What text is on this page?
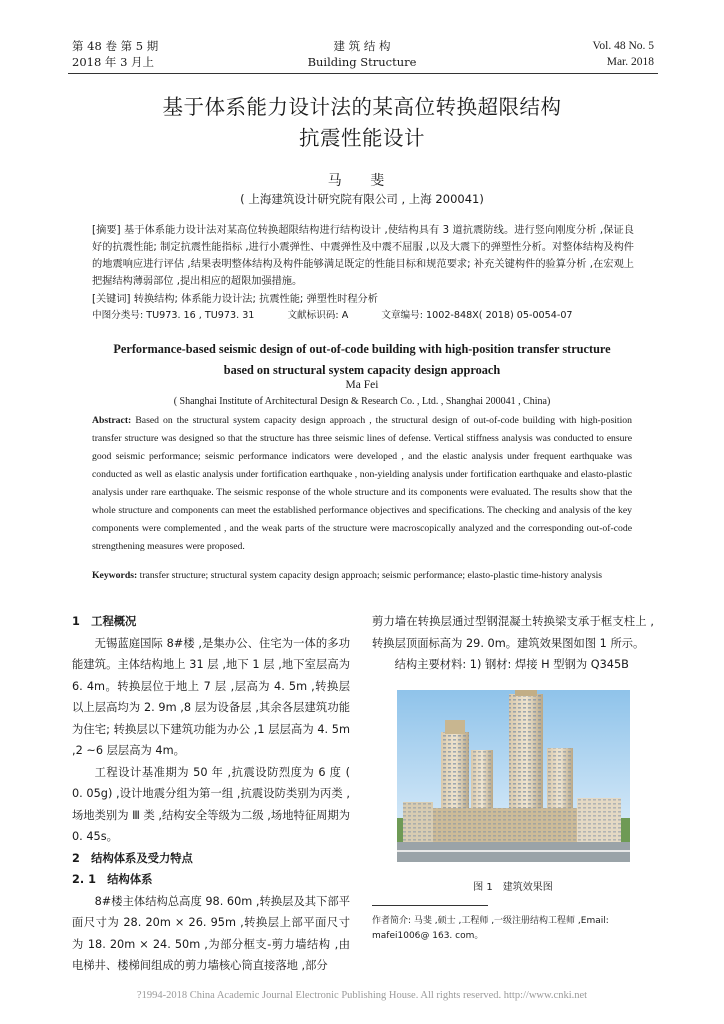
第 48 卷 第 5 期
2018 年 3 月上
建 筑 结 构
Building Structure
Vol. 48 No. 5
Mar. 2018
基于体系能力设计法的某高位转换超限结构
抗震性能设计
马 斐
( 上海建筑设计研究院有限公司 , 上海 200041)
[摘要] 基于体系能力设计法对某高位转换超限结构进行结构设计 ,使结构具有 3 道抗震防线。进行竖向刚度分析 ,保证良好的抗震性能; 制定抗震性能指标 ,进行小震弹性、中震弹性及中震不屈服 ,以及大震下的弹塑性分析。对整体结构及构件的地震响应进行评估 ,结果表明整体结构及构件能够满足既定的性能目标和规范要求; 补充关键构件的验算分析 ,在宏观上把握结构薄弱部位 ,提出相应的超限加强措施。
[关键词] 转换结构; 体系能力设计法; 抗震性能; 弹塑性时程分析
中图分类号: TU973. 16 , TU973. 31	文献标识码: A	文章编号: 1002-848X( 2018) 05-0054-07
Performance-based seismic design of out-of-code building with high-position transfer structure
based on structural system capacity design approach
Ma Fei
( Shanghai Institute of Architectural Design & Research Co. , Ltd. , Shanghai 200041 , China)
Abstract: Based on the structural system capacity design approach , the structural design of out-of-code building with high-position transfer structure was designed so that the structure has three seismic lines of defense. Vertical stiffness analysis was conducted to ensure good seismic performance; seismic performance indicators were developed , and the elastic analysis under frequent earthquake was conducted as well as elastic analysis under fortification earthquake , non-yielding analysis under fortification earthquake and elasto-plastic analysis under rare earthquake. The seismic response of the whole structure and its components were evaluated. The results show that the whole structure and components can meet the established performance objectives and specifications. The checking and analysis of the key components were complemented , and the weak parts of the structure were macroscopically analyzed and the corresponding out-of-code strengthening measures were proposed.
Keywords: transfer structure; structural system capacity design approach; seismic performance; elasto-plastic time-history analysis

1　工程概况

无锡蓝庭国际 8#楼 ,是集办公、住宅为一体的多功能建筑。主体结构地上 31 层 ,地下 1 层 ,地下室层高为 6. 4m。转换层位于地上 7 层 ,层高为 4. 5m ,转换层以上层高均为 2. 9m ,8 层为设备层 ,其余各层建筑功能为住宅; 转换层以下建筑功能为办公 ,1 层层高为 4. 5m ,2 ~6 层层高为 4m。

工程设计基准期为 50 年 ,抗震设防烈度为 6 度 ( 0. 05g) ,设计地震分组为第一组 ,抗震设防类别为丙类 ,场地类别为 Ⅲ 类 ,结构安全等级为二级 ,场地特征周期为 0. 45s。

2　结构体系及受力特点

2. 1　结构体系

8#楼主体结构总高度 98. 60m ,转换层及其下部平面尺寸为 28. 20m × 26. 95m ,转换层上部平面尺寸为 18. 20m × 24. 50m ,为部分框支-剪力墙结构 ,由电梯井、楼梯间组成的剪力墙核心筒直接落地 ,部分

剪力墙在转换层通过型钢混凝土转换梁支承于框支柱上 ,转换层顶面标高为 29. 0m。建筑效果图如图 1 所示。

结构主要材料: 1) 钢材: 焊接 H 型钢为 Q345B

图 1　建筑效果图
作者简介: 马斐 ,硕士 ,工程师 ,一级注册结构工程师 ,Email: mafei1006@ 163. com。
?1994-2018 China Academic Journal Electronic Publishing House. All rights reserved. http://www.cnki.net
